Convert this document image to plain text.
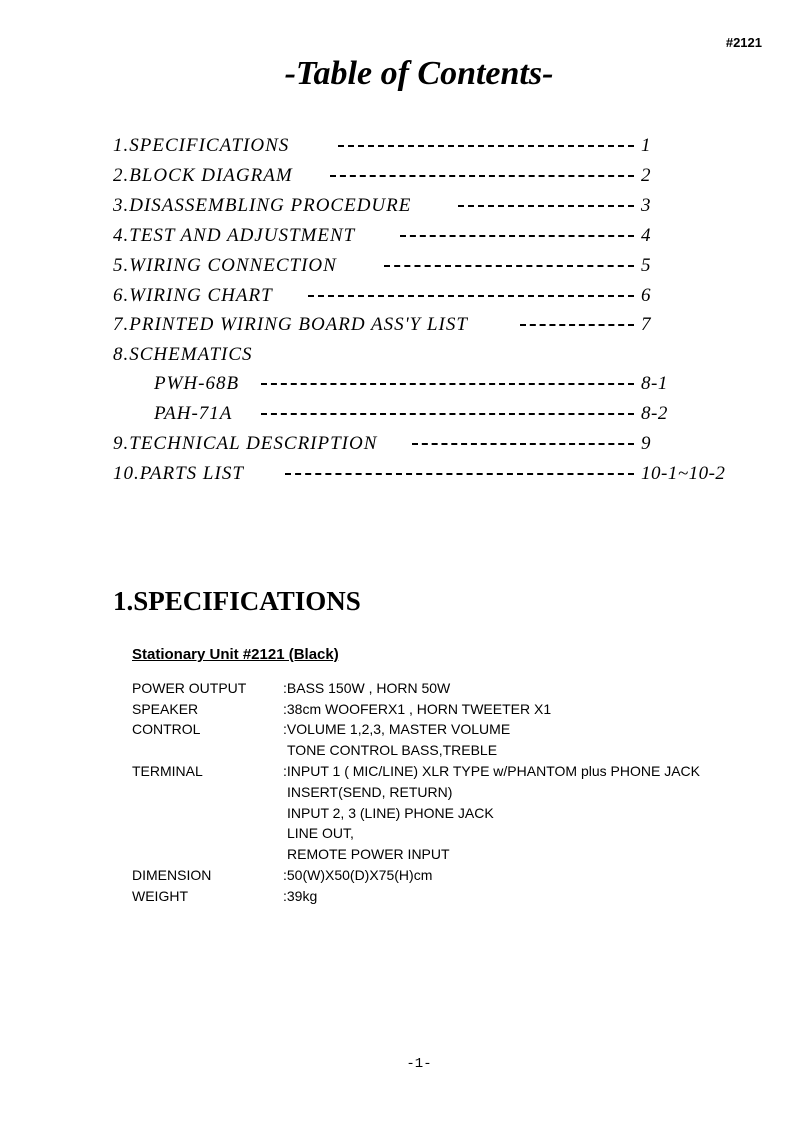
#2121
-Table of Contents-
1.SPECIFICATIONS	1
2.BLOCK DIAGRAM	2
3.DISASSEMBLING PROCEDURE	3
4.TEST AND ADJUSTMENT	4
5.WIRING CONNECTION	5
6.WIRING CHART	6
7.PRINTED WIRING BOARD ASS'Y LIST	7
8.SCHEMATICS
PWH-68B	8-1
PAH-71A	8-2
9.TECHNICAL DESCRIPTION	9
10.PARTS LIST	10-1~10-2
1.SPECIFICATIONS
Stationary Unit #2121 (Black)
POWER OUTPUT	:BASS 150W , HORN 50W
SPEAKER	:38cm WOOFERX1 , HORN TWEETER X1
CONTROL	:VOLUME 1,2,3, MASTER VOLUME
TONE CONTROL BASS,TREBLE
TERMINAL	:INPUT 1 ( MIC/LINE) XLR TYPE w/PHANTOM plus PHONE JACK
INSERT(SEND, RETURN)
INPUT 2, 3 (LINE) PHONE JACK
LINE OUT,
REMOTE POWER INPUT
DIMENSION	:50(W)X50(D)X75(H)cm
WEIGHT	:39kg
-1-
